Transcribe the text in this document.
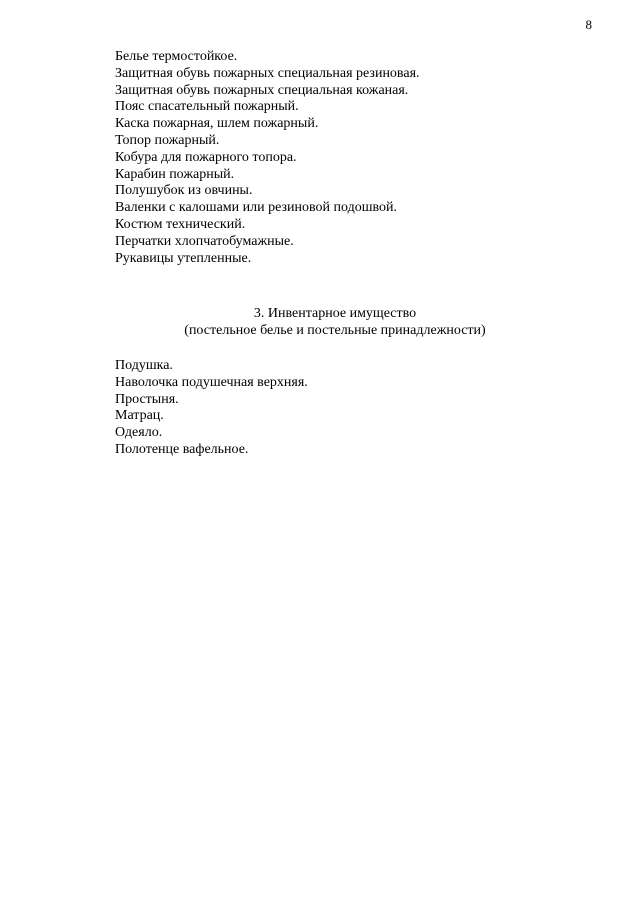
8
Белье термостойкое.
Защитная обувь пожарных специальная резиновая.
Защитная обувь пожарных специальная кожаная.
Пояс спасательный пожарный.
Каска пожарная, шлем пожарный.
Топор пожарный.
Кобура для пожарного топора.
Карабин пожарный.
Полушубок из овчины.
Валенки с калошами или резиновой подошвой.
Костюм технический.
Перчатки хлопчатобумажные.
Рукавицы утепленные.
3. Инвентарное имущество
(постельное белье и постельные принадлежности)
Подушка.
Наволочка подушечная верхняя.
Простыня.
Матрац.
Одеяло.
Полотенце вафельное.
